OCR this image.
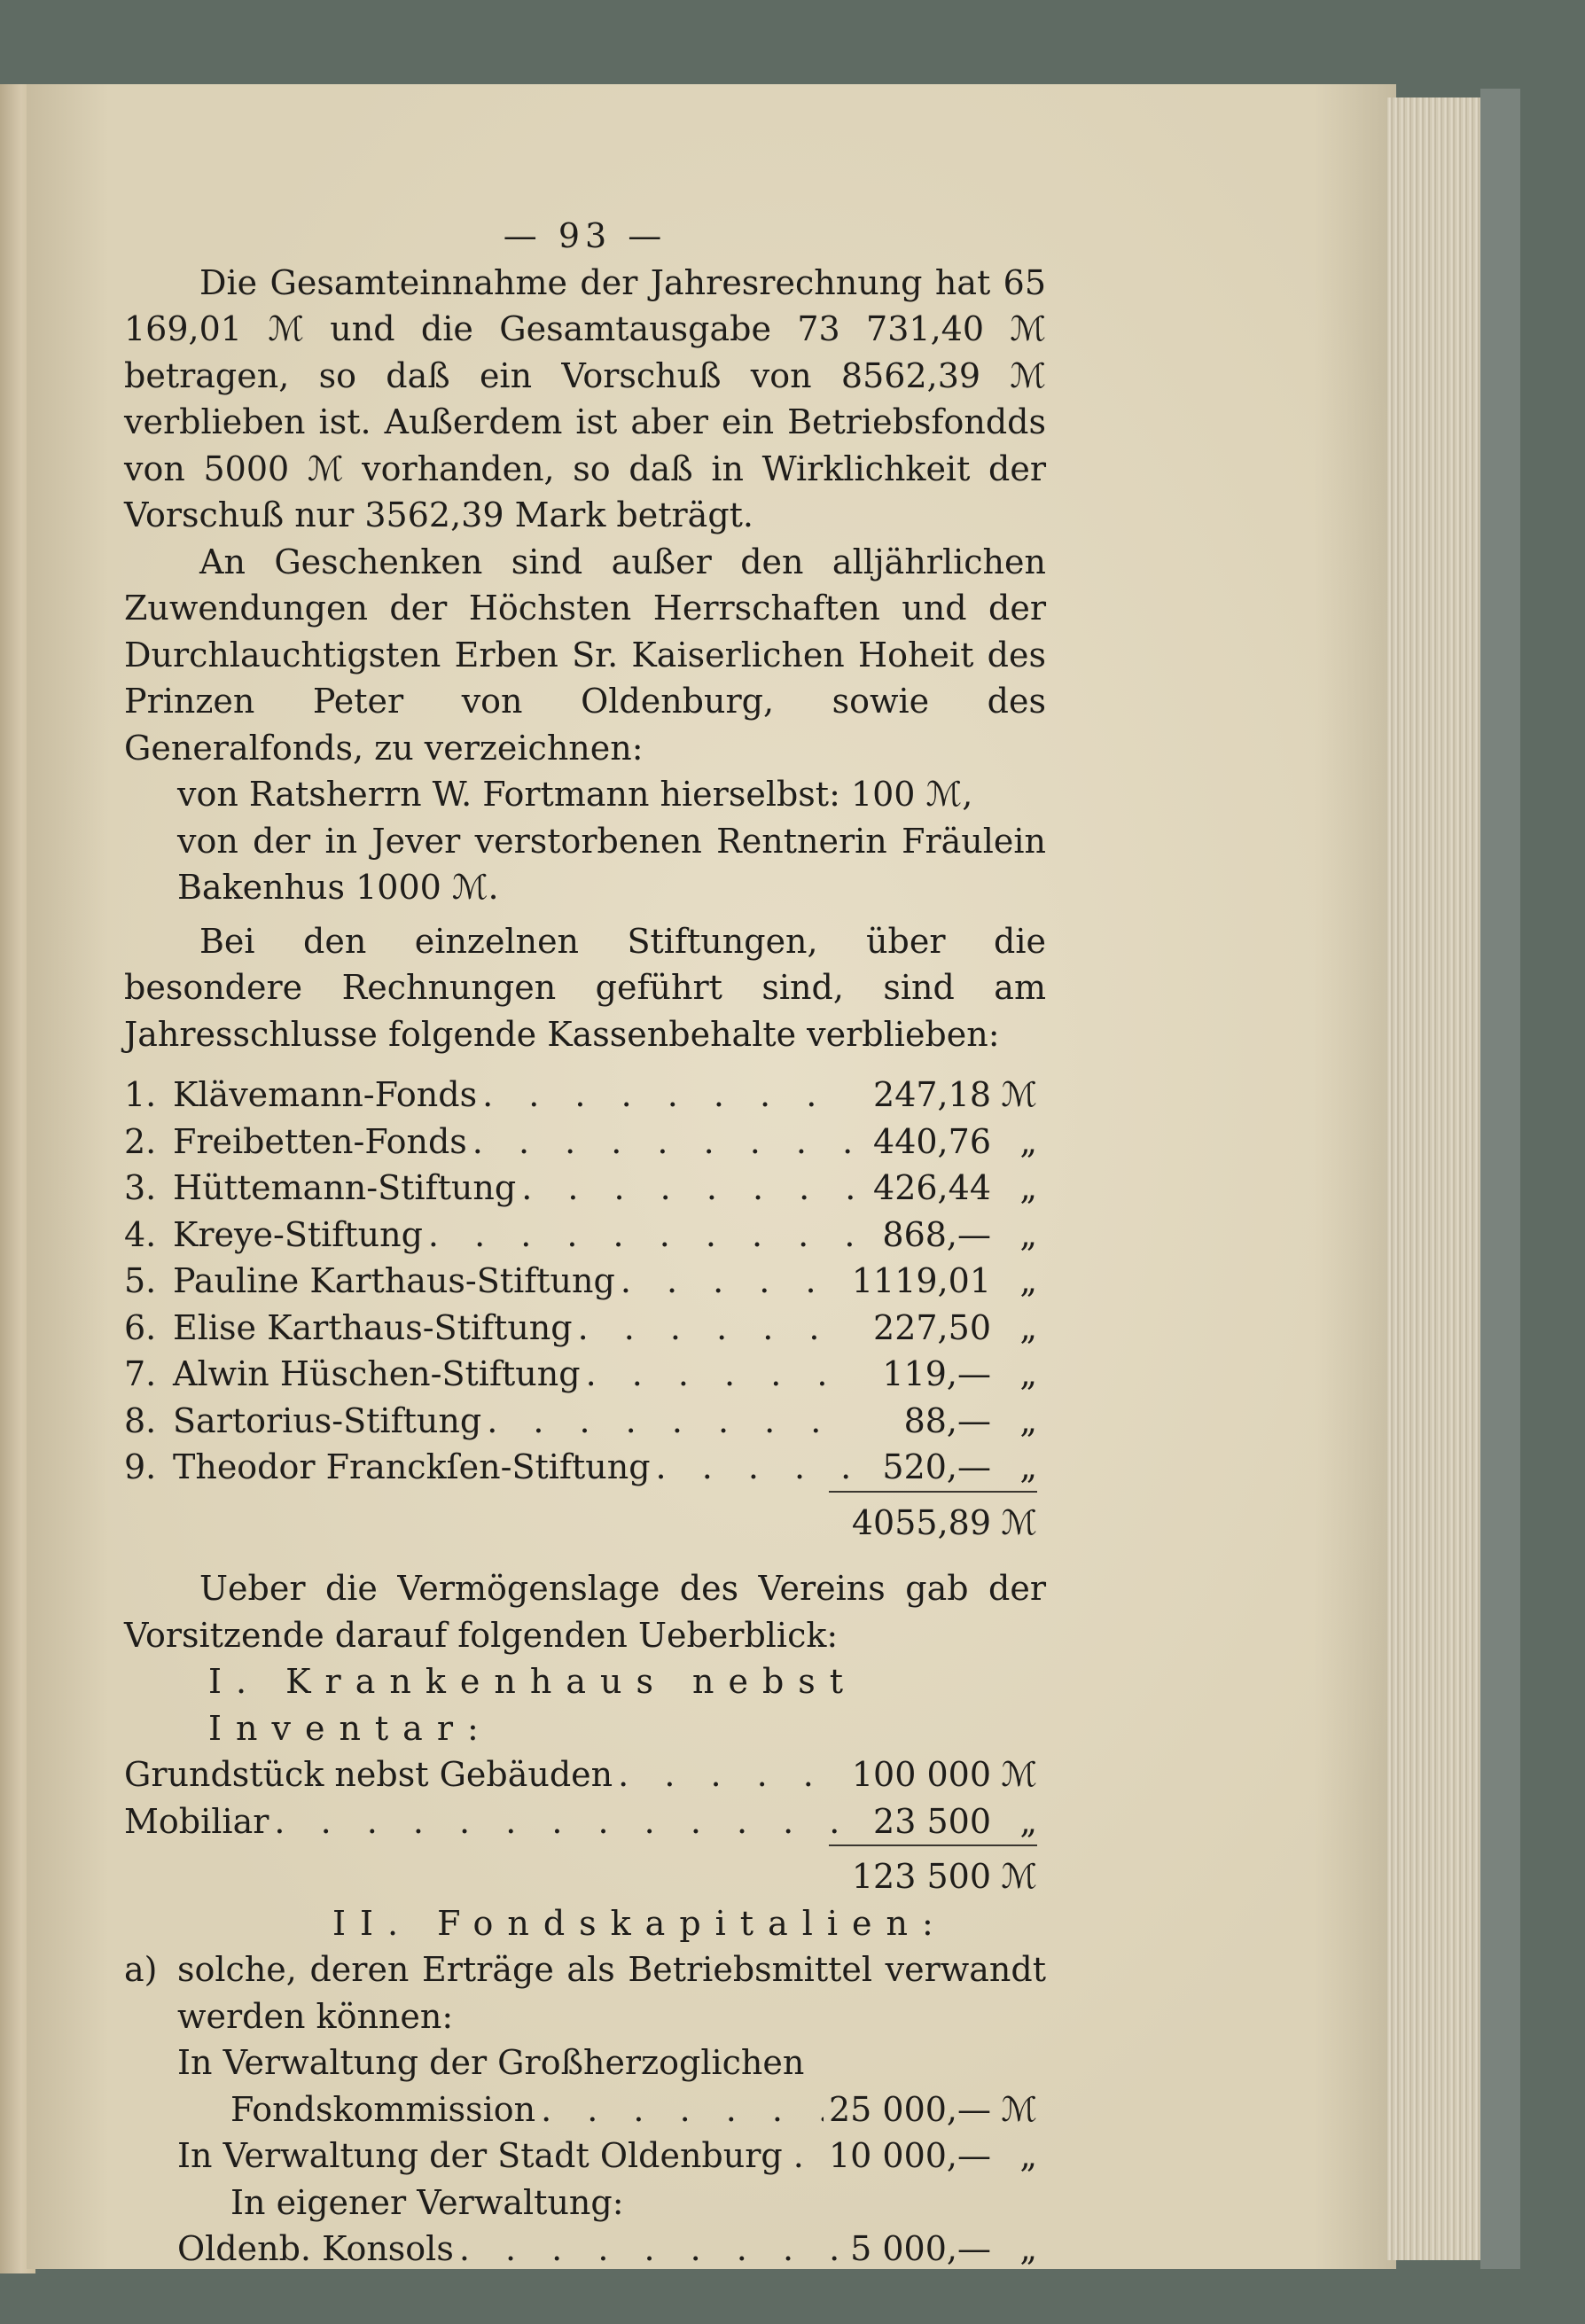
— 93 —

Die Gesamteinnahme der Jahresrechnung hat 65 169,01 ℳ und die Gesamtausgabe 73 731,40 ℳ betragen, so daß ein Vorschuß von 8562,39 ℳ verblieben ist. Außerdem ist aber ein Betriebsfondds von 5000 ℳ vorhanden, so daß in Wirklichkeit der Vorschuß nur 3562,39 Mark beträgt.

An Geschenken sind außer den alljährlichen Zuwendungen der Höchsten Herrschaften und der Durchlauchtigsten Erben Sr. Kaiserlichen Hoheit des Prinzen Peter von Oldenburg, sowie des Generalfonds, zu verzeichnen:

von Ratsherrn W. Fortmann hierselbst: 100 ℳ,

von der in Jever verstorbenen Rentnerin Fräulein Bakenhus 1000 ℳ.

Bei den einzelnen Stiftungen, über die besondere Rechnungen geführt sind, sind am Jahresschlusse folgende Kassenbehalte verblieben:

1. Klävemann-Fonds . . .	247,18 ℳ
2. Freibetten-Fonds . . .	440,76 „
3. Hüttemann-Stiftung . . .	426,44 „
4. Kreye-Stiftung . . .	868,— „
5. Pauline Karthaus-Stiftung . . .	1119,01 „
6. Elise Karthaus-Stiftung . . .	227,50 „
7. Alwin Hüschen-Stiftung . . .	119,— „
8. Sartorius-Stiftung . . .	88,— „
9. Theodor Franckſen-Stiftung . . .	520,— „
4055,89 ℳ

Ueber die Vermögenslage des Vereins gab der Vorsitzende darauf folgenden Ueberblick:

I. Krankenhaus nebst Inventar:
Grundstück nebst Gebäuden . . .	100 000 ℳ
Mobiliar . . .	23 500 „
123 500 ℳ
II. Fondskapitalien:
a) solche, deren Erträge als Betriebsmittel verwandt werden können:
In Verwaltung der Großherzoglichen
Fondskommission . . .	25 000,— ℳ
In Verwaltung der Stadt Oldenburg . 10 000,— „
In eigener Verwaltung:
Oldenb. Konsols . . .	5 000,— „
